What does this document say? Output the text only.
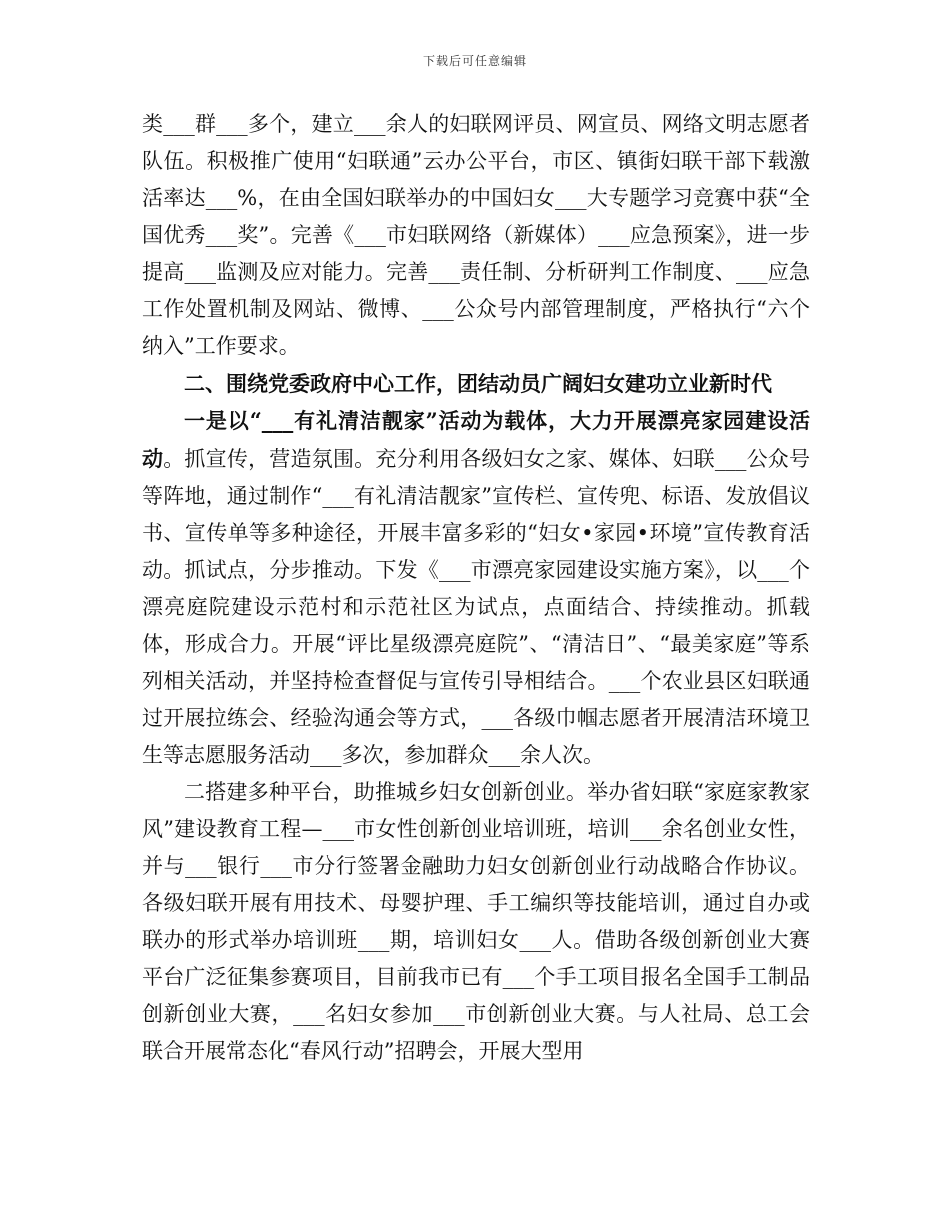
下载后可任意编辑

类___群___多个，建立___余人的妇联网评员、网宣员、网络文明志愿者队伍。积极推广使用“妇联通”云办公平台，市区、镇街妇联干部下载激活率达___%，在由全国妇联举办的中国妇女___大专题学习竞赛中获“全国优秀___奖”。完善《___市妇联网络（新媒体）___应急预案》，进一步提高___监测及应对能力。完善___责任制、分析研判工作制度、___应急工作处置机制及网站、微博、___公众号内部管理制度，严格执行“六个纳入”工作要求。

二、围绕党委政府中心工作，团结动员广阔妇女建功立业新时代

一是以“___有礼清洁靓家”活动为载体，大力开展漂亮家园建设活动。抓宣传，营造氛围。充分利用各级妇女之家、媒体、妇联___公众号等阵地，通过制作“___有礼清洁靓家”宣传栏、宣传兜、标语、发放倡议书、宣传单等多种途径，开展丰富多彩的“妇女•家园•环境”宣传教育活动。抓试点，分步推动。下发《___市漂亮家园建设实施方案》，以___个漂亮庭院建设示范村和示范社区为试点，点面结合、持续推动。抓载体，形成合力。开展“评比星级漂亮庭院”、“清洁日”、“最美家庭”等系列相关活动，并坚持检查督促与宣传引导相结合。___个农业县区妇联通过开展拉练会、经验沟通会等方式，___各级巾帼志愿者开展清洁环境卫生等志愿服务活动___多次，参加群众___余人次。

二搭建多种平台，助推城乡妇女创新创业。举办省妇联“家庭家教家风”建设教育工程—___市女性创新创业培训班，培训___余名创业女性，并与___银行___市分行签署金融助力妇女创新创业行动战略合作协议。各级妇联开展有用技术、母婴护理、手工编织等技能培训，通过自办或联办的形式举办培训班___期，培训妇女___人。借助各级创新创业大赛平台广泛征集参赛项目，目前我市已有___个手工项目报名全国手工制品创新创业大赛，___名妇女参加___市创新创业大赛。与人社局、总工会联合开展常态化“春风行动”招聘会，开展大型用
